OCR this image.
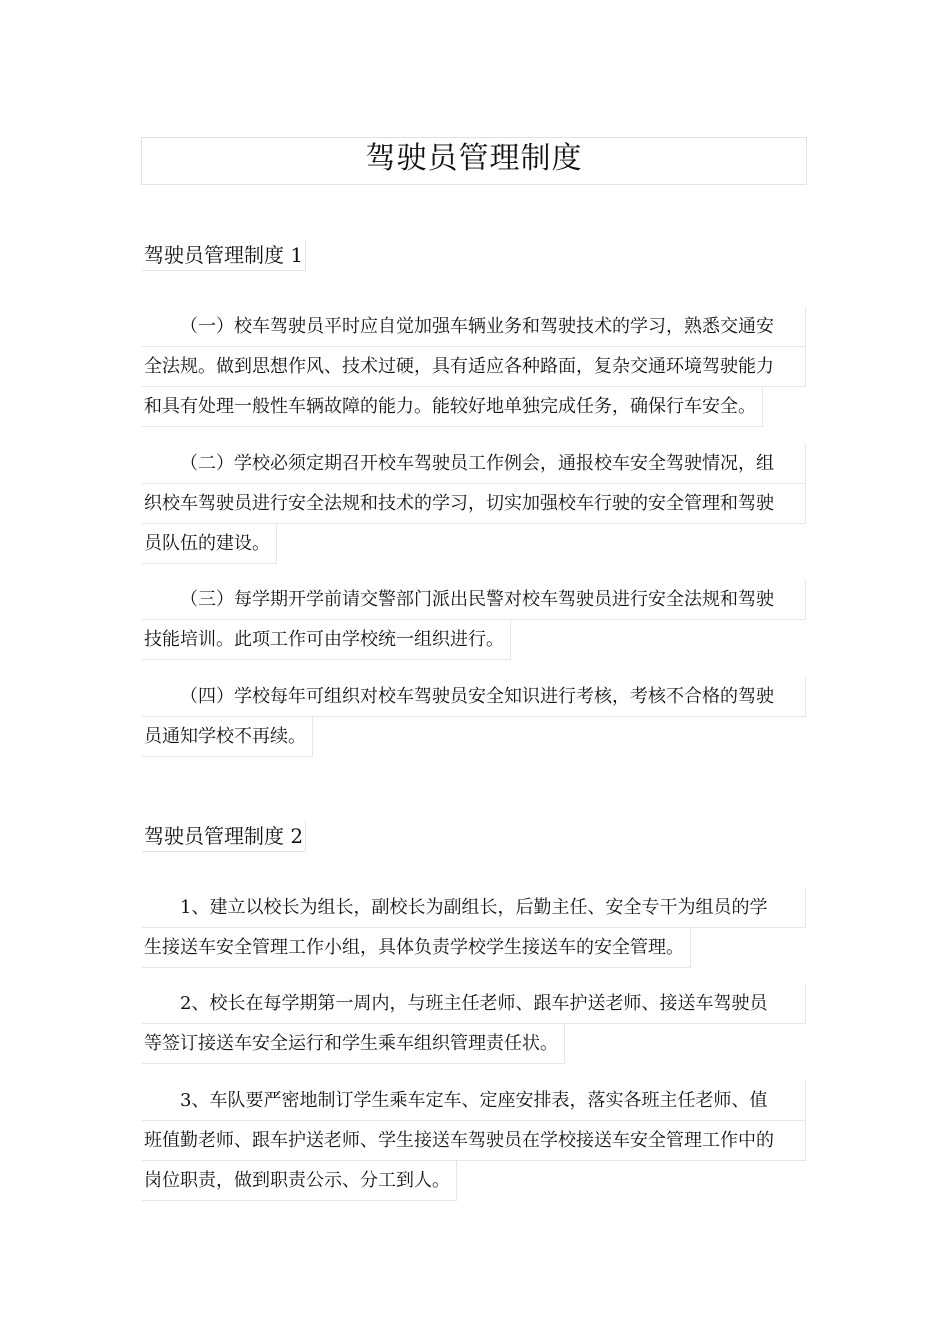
驾驶员管理制度
驾驶员管理制度 1
（一）校车驾驶员平时应自觉加强车辆业务和驾驶技术的学习，熟悉交通安
全法规。做到思想作风、技术过硬，具有适应各种路面，复杂交通环境驾驶能力
和具有处理一般性车辆故障的能力。能较好地单独完成任务，确保行车安全。
（二）学校必须定期召开校车驾驶员工作例会，通报校车安全驾驶情况，组
织校车驾驶员进行安全法规和技术的学习，切实加强校车行驶的安全管理和驾驶
员队伍的建设。
（三）每学期开学前请交警部门派出民警对校车驾驶员进行安全法规和驾驶
技能培训。此项工作可由学校统一组织进行。
（四）学校每年可组织对校车驾驶员安全知识进行考核，考核不合格的驾驶
员通知学校不再续。
驾驶员管理制度 2
1、建立以校长为组长，副校长为副组长，后勤主任、安全专干为组员的学
生接送车安全管理工作小组，具体负责学校学生接送车的安全管理。
2、校长在每学期第一周内，与班主任老师、跟车护送老师、接送车驾驶员
等签订接送车安全运行和学生乘车组织管理责任状。
3、车队要严密地制订学生乘车定车、定座安排表，落实各班主任老师、值
班值勤老师、跟车护送老师、学生接送车驾驶员在学校接送车安全管理工作中的
岗位职责，做到职责公示、分工到人。
